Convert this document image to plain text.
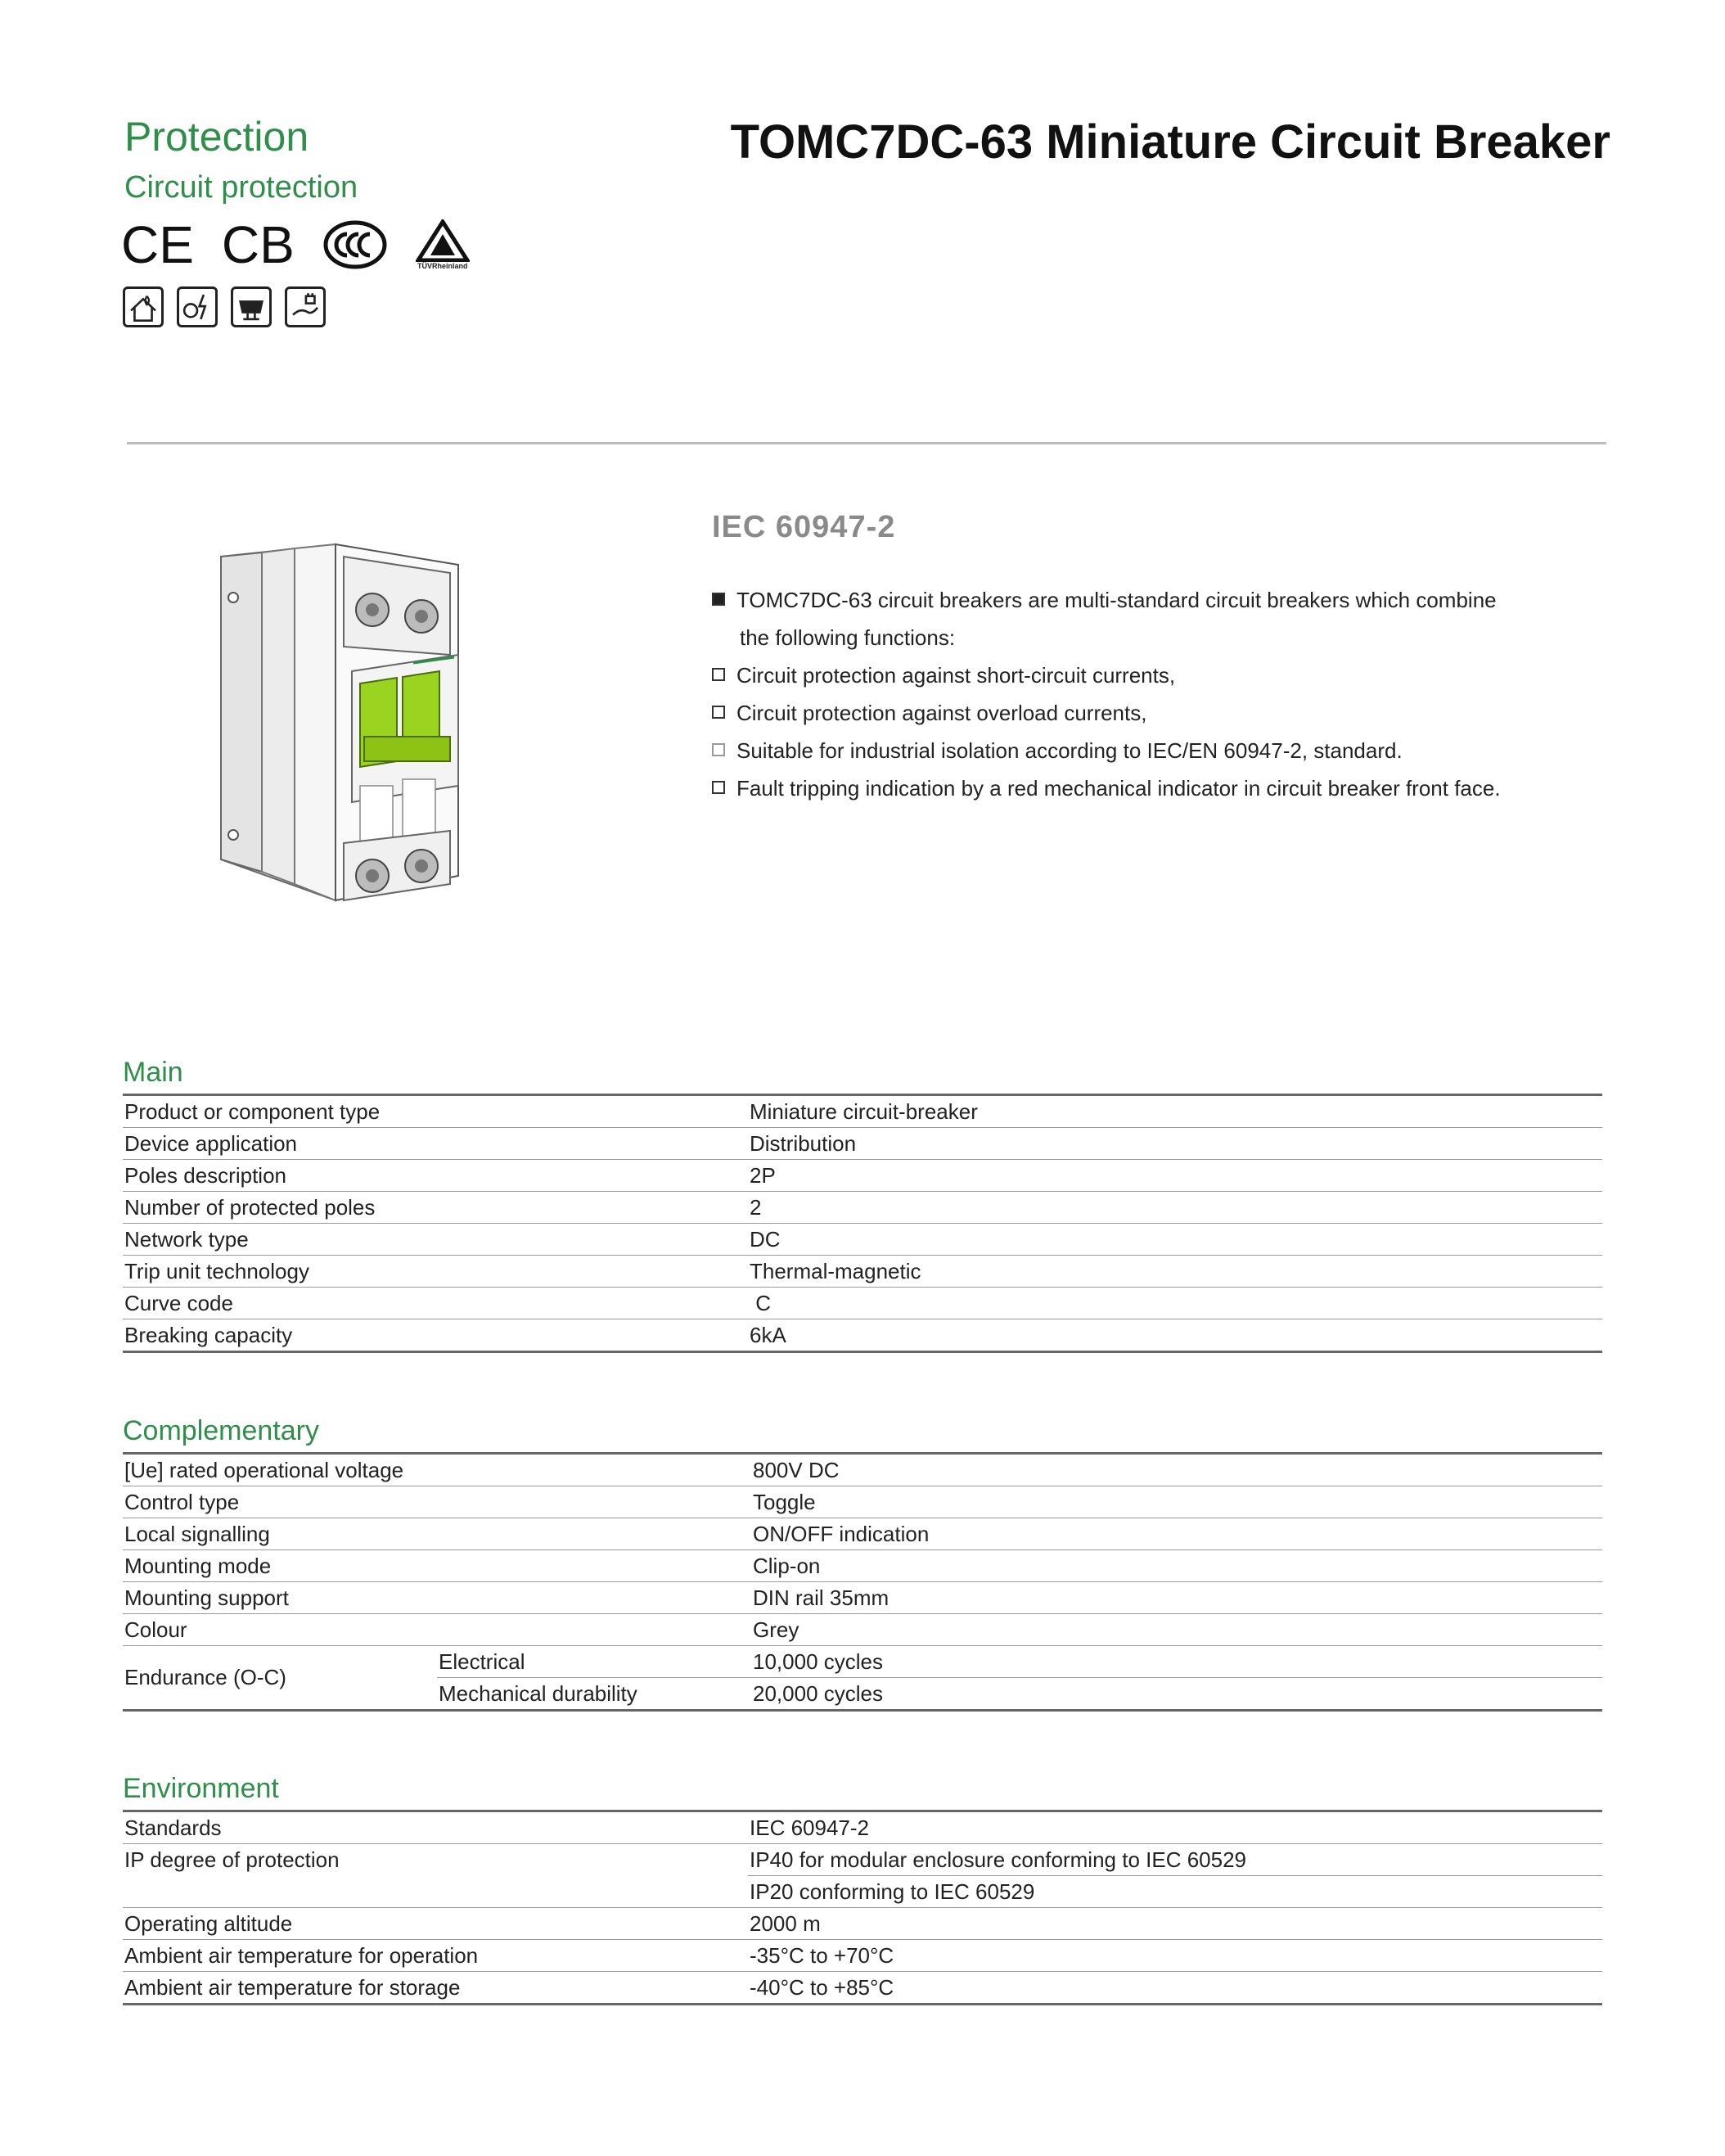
Protection
Circuit protection
TOMC7DC-63 Miniature Circuit Breaker
CE CB	TÜVRheinland
IEC 60947-2
TOMC7DC-63 circuit breakers are multi-standard circuit breakers which combine
the following functions:
Circuit protection against short-circuit currents,
Circuit protection against overload currents,
Suitable for industrial isolation according to IEC/EN 60947-2, standard.
Fault tripping indication by a red mechanical indicator in circuit breaker front face.
Main
Product or component type	Miniature circuit-breaker
Device application	Distribution
Poles description	2P
Number of protected poles	2
Network type	DC
Trip unit technology	Thermal-magnetic
Curve code	C
Breaking capacity	6kA
Complementary
[Ue] rated operational voltage		800V DC
Control type		Toggle
Local signalling		ON/OFF indication
Mounting mode		Clip-on
Mounting support		DIN rail 35mm
Colour		Grey
Endurance (O-C)	Electrical	10,000 cycles
	Mechanical durability	20,000 cycles
Environment
Standards	IEC 60947-2
IP degree of protection	IP40 for modular enclosure conforming to IEC 60529
	IP20 conforming to IEC 60529
Operating altitude	2000 m
Ambient air temperature for operation	-35°C to +70°C
Ambient air temperature for storage	-40°C to +85°C
